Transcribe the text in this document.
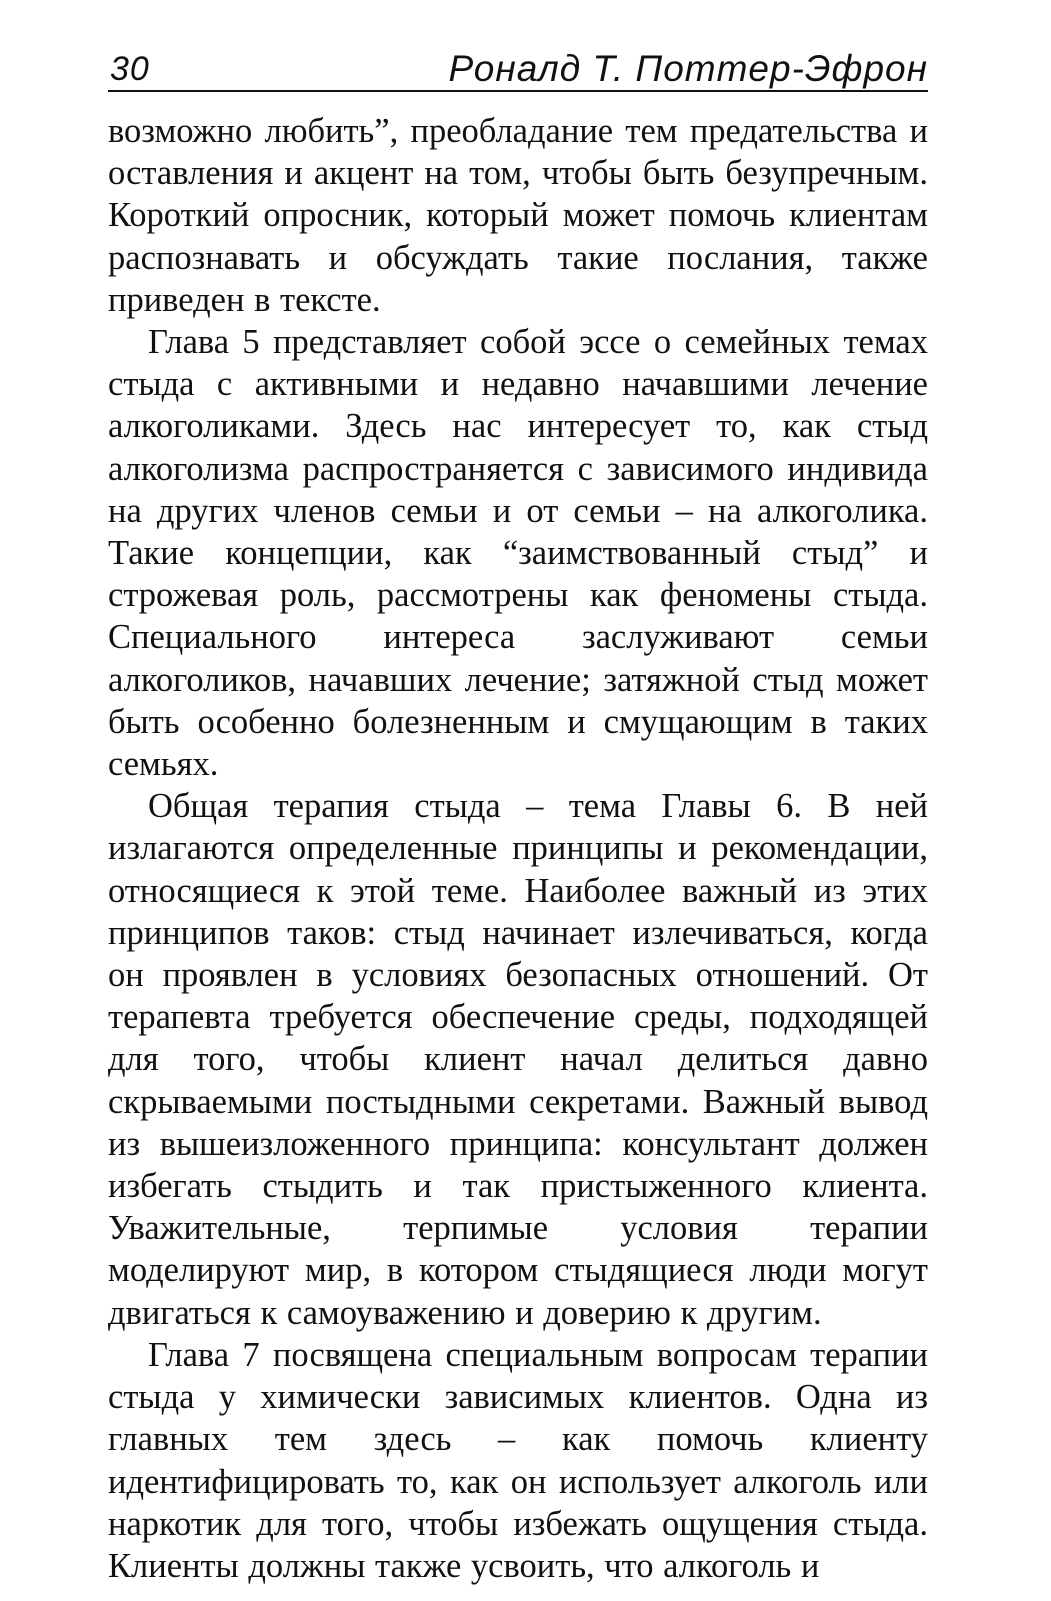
30	Роналд Т. Поттер-Эфрон

возможно любить”, преобладание тем предательства и оставления и акцент на том, чтобы быть безупречным. Короткий опросник, который может помочь клиентам распознавать и обсуждать такие послания, также приведен в тексте.

Глава 5 представляет собой эссе о семейных темах стыда с активными и недавно начавшими лечение алкоголиками. Здесь нас интересует то, как стыд алкоголизма распространяется с зависимого индивида на других членов семьи и от семьи – на алкоголика. Такие концепции, как “заимствованный стыд” и строжевая роль, рассмотрены как феномены стыда. Специального интереса заслуживают семьи алкоголиков, начавших лечение; затяжной стыд может быть особенно болезненным и смущающим в таких семьях.

Общая терапия стыда – тема Главы 6. В ней излагаются определенные принципы и рекомендации, относящиеся к этой теме. Наиболее важный из этих принципов таков: стыд начинает излечиваться, когда он проявлен в условиях безопасных отношений. От терапевта требуется обеспечение среды, подходящей для того, чтобы клиент начал делиться давно скрываемыми постыдными секретами. Важный вывод из вышеизложенного принципа: консультант должен избегать стыдить и так пристыженного клиента. Уважительные, терпимые условия терапии моделируют мир, в котором стыдящиеся люди могут двигаться к самоуважению и доверию к другим.

Глава 7 посвящена специальным вопросам терапии стыда у химически зависимых клиентов. Одна из главных тем здесь – как помочь клиенту идентифицировать то, как он использует алкоголь или наркотик для того, чтобы избежать ощущения стыда. Клиенты должны также усвоить, что алкоголь и
